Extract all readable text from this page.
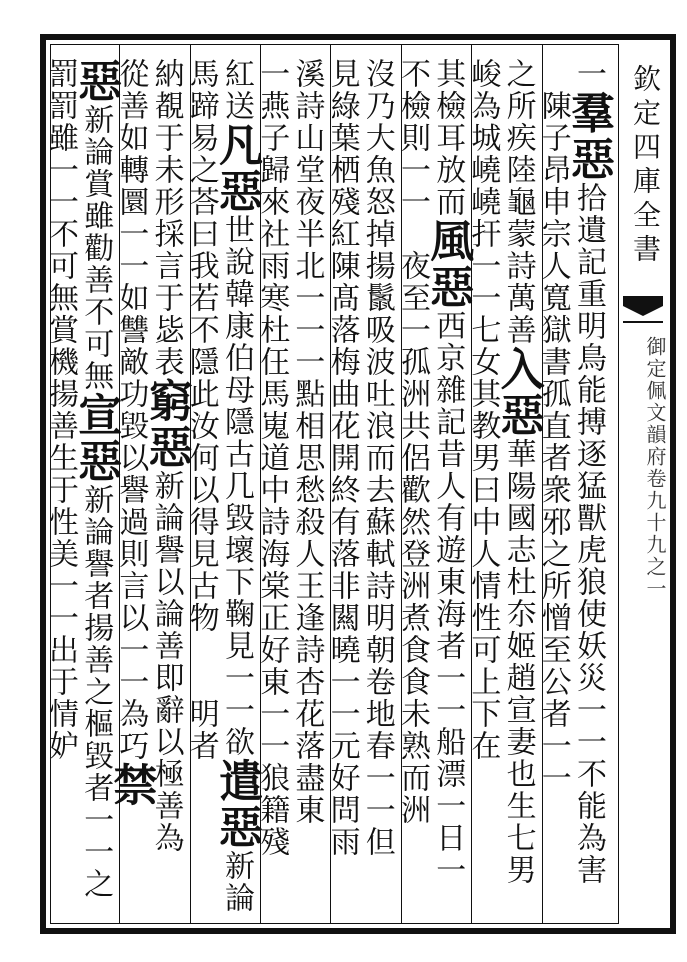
欽定四庫全書
御定佩文韻府卷九十九之一
一羣惡拾遺記重明鳥能搏逐猛獸虎狼使妖災一一不能為害
　陳子昂申宗人寬獄書孤直者衆邪之所憎至公者一一
之所疾陸龜蒙詩萬善入惡華陽國志杜夵姬趙宣妻也生七男
峻為城嶢嶢扞一一七女其教男曰中人情性可上下在
其檢耳放而風惡西京雜記昔人有遊東海者一一船漂一日一
不檢則一一　夜至一孤洲共侶歡然登洲煮食食未熟而洲
沒乃大魚怒掉揚鬛吸波吐浪而去蘇軾詩明朝卷地春一一但
見綠葉栖殘紅陳髙落梅曲花開終有落非闗曉一一元好問雨
溪詩山堂夜半北一一一點相思愁殺人王逢詩杏花落盡東
一燕子歸來社雨寒杜仼馬嵬道中詩海棠正好東一一狼籍殘
紅送凡惡世說韓康伯母隱古几毀壞下鞠見一一欲遣惡新論
馬蹄易之荅曰我若不隱此汝何以得見古物　　明者
納覩于未形採言于毖表窮惡新論譽以論善即辭以極善為
從善如轉圜一一如讐敵功毀以譽過則言以一一為巧禁
惡新論賞雖勸善不可無宣惡新論譽者揚善之樞毀者一一之
罰罰雖一一不可無賞機揚善生于性美一一出于情妒
